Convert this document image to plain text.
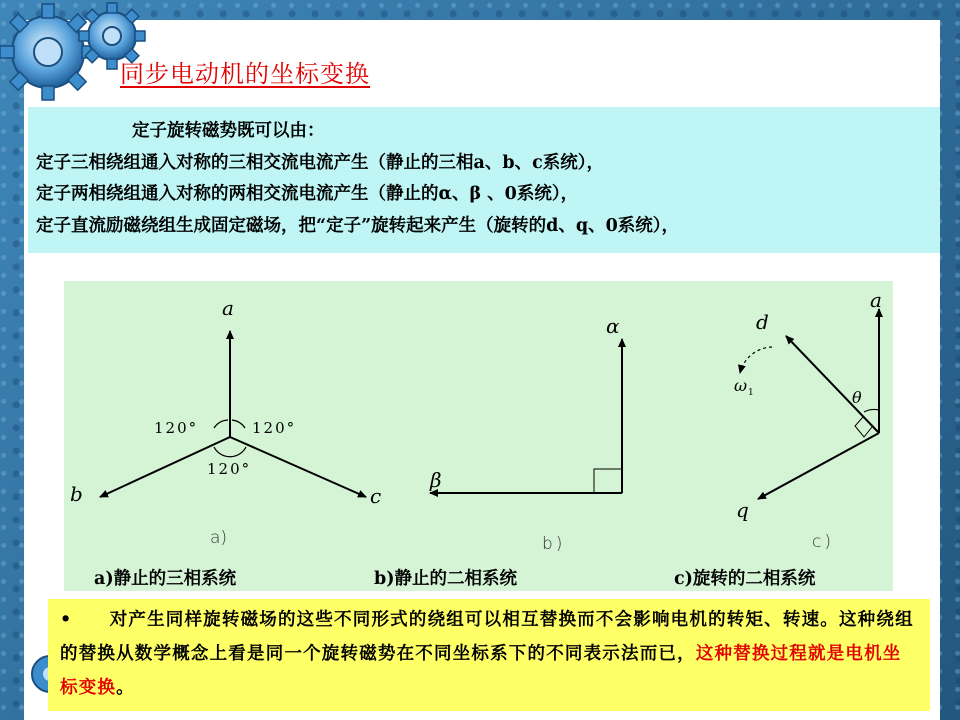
同步电动机的坐标变换
定子旋转磁势既可以由：
定子三相绕组通入对称的三相交流电流产生（静止的三相a、b、c系统），
定子两相绕组通入对称的两相交流电流产生（静止的α、β 、0系统），
定子直流励磁绕组生成固定磁场，把“定子”旋转起来产生（旋转的d、q、0系统），
120°	120°
120°
a
b	c
a)
α
β
b)
a
d
q
θ
ω 1
c)
a)静止的三相系统	b)静止的二相系统	c)旋转的二相系统
• 对产生同样旋转磁场的这些不同形式的绕组可以相互替换而不会影响电机的转矩、转速。这种绕组的替换从数学概念上看是同一个旋转磁势在不同坐标系下的不同表示法而已，这种替换过程就是电机坐标变换。
